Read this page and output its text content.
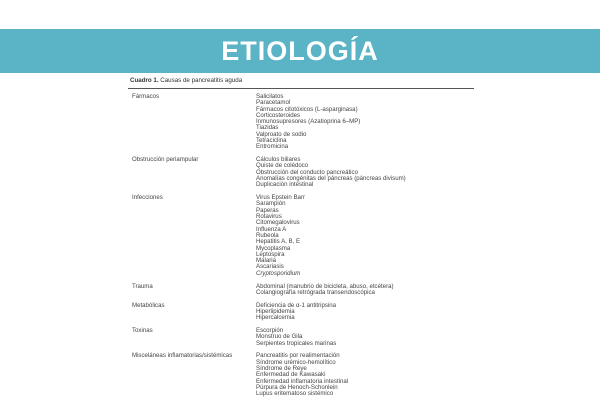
ETIOLOGÍA
Cuadro 1. Causas de pancreatitis aguda
Fármacos	Salicilatos
Paracetamol
Fármacos citotóxicos (L-asparginasa)
Corticosteroides
Inmunosupresores (Azatioprina 6–MP)
Tiazidas
Valproato de sodio
Tetraciclina
Entromicina
Obstrucción periampular	Cálculos biliares
Quiste de colédoco
Obstrucción del conducto pancreático
Anomalías congénitas del páncreas (páncreas divisum)
Duplicación intestinal
Infecciones	Virus Epstein Barr
Sarampión
Paperas
Rotavirus
Citomegalovirus
Influenza A
Rubeola
Hepatitis A, B, E
Mycoplasma
Leptospira
Malaria
Ascariasis
Cryptosporidium
Trauma	Abdominal (manubrio de bicicleta, abuso, etcétera)
Colangiografía retrógrada transendoscópica
Metabólicas	Deficiencia de α-1 antitripsina
Hiperlipidemia
Hipercalcemia
Toxinas	Escorpión
Monstruo de Gila
Serpientes tropicales marinas
Misceláneas inflamatorias/sistémicas	Pancreatitis por realimentación
Síndrome urémico-hemolítico
Síndrome de Reye
Enfermedad de Kawasaki
Enfermedad inflamatoria intestinal
Púrpura de Henoch-Schonlein
Lupus eritematoso sistémico
